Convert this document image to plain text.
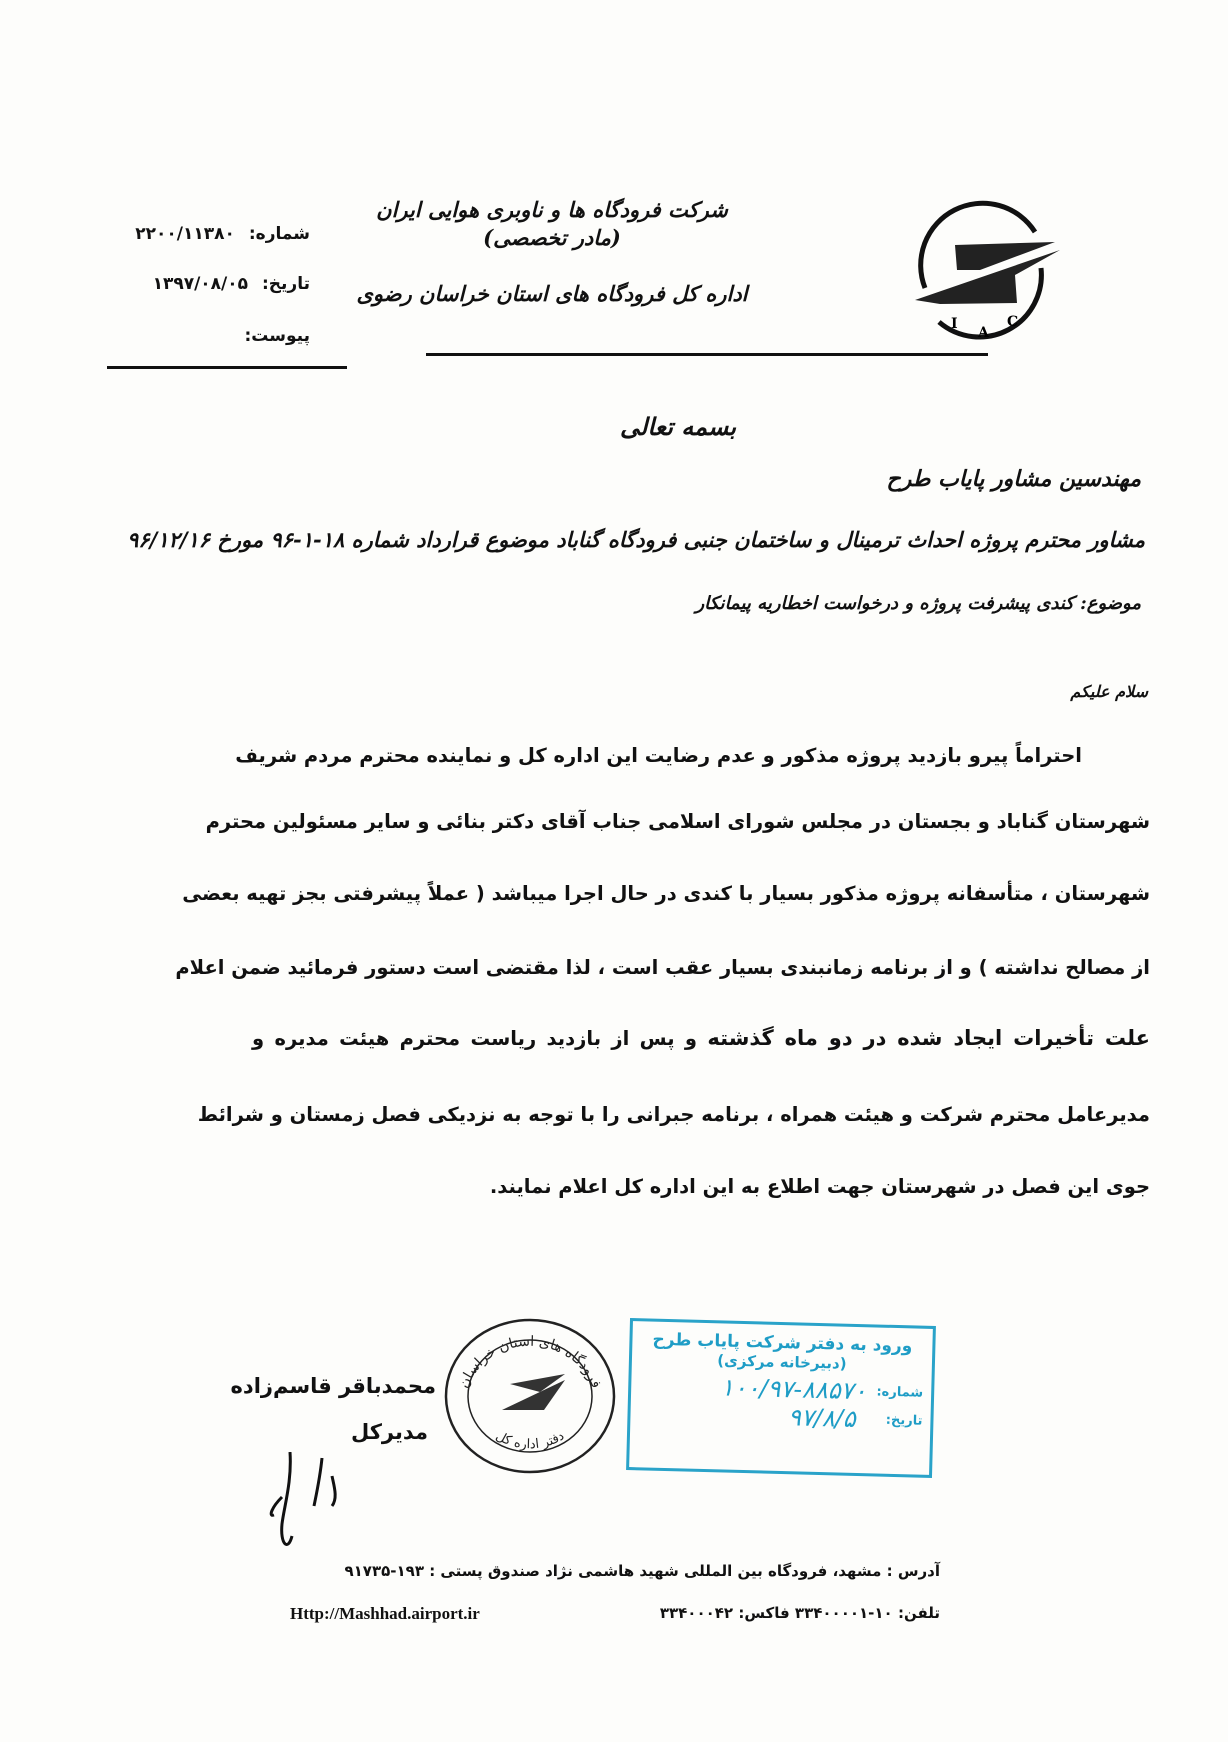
I
A
C
شرکت فرودگاه ها و ناوبری هوایی ایران (مادر تخصصی)
اداره کل فرودگاه های استان خراسان رضوی
شماره:
۲۲۰۰/۱۱۳۸۰
تاریخ:
۱۳۹۷/۰۸/۰۵
پیوست:
بسمه تعالی
مهندسین مشاور پایاب طرح
مشاور محترم پروژه احداث ترمینال و ساختمان جنبی فرودگاه گناباد موضوع قرارداد شماره ۱۸-۱-۹۶ مورخ ۹۶/۱۲/۱۶
موضوع: کندی پیشرفت پروژه و درخواست اخطاریه پیمانکار
سلام علیکم
احتراماً پیرو بازدید پروژه مذکور و عدم رضایت این اداره کل و نماینده محترم مردم شریف
شهرستان گناباد و بجستان در مجلس شورای اسلامی جناب آقای دکتر بنائی و سایر مسئولین محترم
شهرستان ، متأسفانه پروژه مذکور بسیار با کندی در حال اجرا میباشد ( عملاً پیشرفتی بجز تهیه بعضی
از مصالح نداشته ) و از برنامه زمانبندی بسیار عقب است ، لذا مقتضی است دستور فرمائید ضمن اعلام
علت تأخیرات ایجاد شده در دو ماه گذشته و پس از بازدید ریاست محترم هیئت مدیره و
مدیرعامل محترم شرکت و هیئت همراه ، برنامه جبرانی را با توجه به نزدیکی فصل زمستان و شرائط
جوی این فصل در شهرستان جهت اطلاع به این اداره کل اعلام نمایند.
فرودگاه های استان خراسان
دفتر اداره کل
محمدباقر قاسم‌زاده
مدیرکل
ورود به دفتر شرکت پایاب طرح
(دبیرخانه مرکزی)
شماره:
۱۰۰/۹۷-۸۸۵۷۰
تاریخ:
۹۷/۸/۵
آدرس : مشهد، فرودگاه بین المللی شهید هاشمی نژاد صندوق پستی : ۱۹۳-۹۱۷۳۵
تلفن: ۱۰-۳۳۴۰۰۰۰۱ فاکس: ۳۳۴۰۰۰۴۲
Http://Mashhad.airport.ir
